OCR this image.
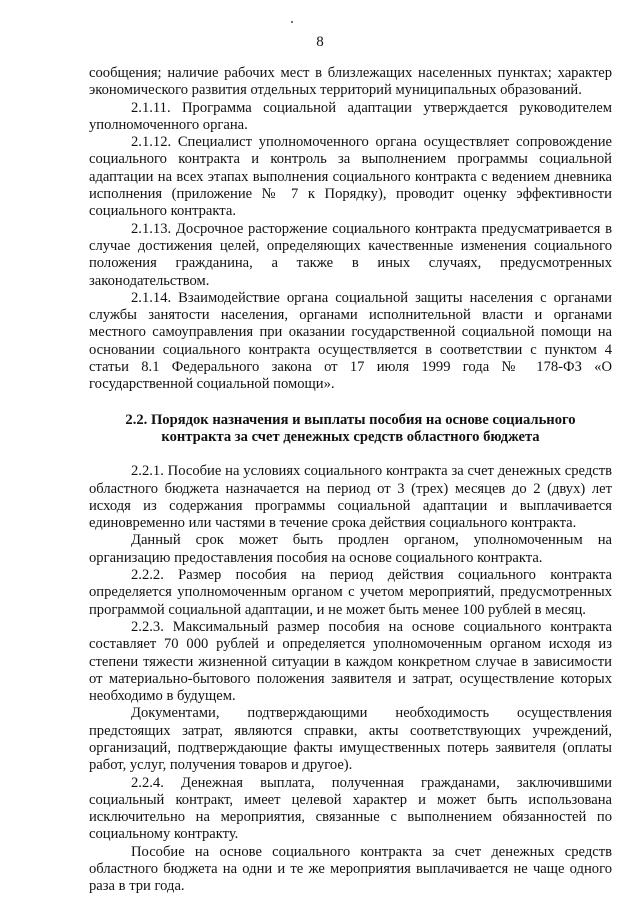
8

сообщения; наличие рабочих мест в близлежащих населенных пунктах; характер экономического развития отдельных территорий муниципальных образований.

2.1.11. Программа социальной адаптации утверждается руководителем уполномоченного органа.

2.1.12. Специалист уполномоченного органа осуществляет сопровождение социального контракта и контроль за выполнением программы социальной адаптации на всех этапах выполнения социального контракта с ведением дневника исполнения (приложение № 7 к Порядку), проводит оценку эффективности социального контракта.

2.1.13. Досрочное расторжение социального контракта предусматривается в случае достижения целей, определяющих качественные изменения социального положения гражданина, а также в иных случаях, предусмотренных законодательством.

2.1.14. Взаимодействие органа социальной защиты населения с органами службы занятости населения, органами исполнительной власти и органами местного самоуправления при оказании государственной социальной помощи на основании социального контракта осуществляется в соответствии с пунктом 4 статьи 8.1 Федерального закона от 17 июля 1999 года № 178-ФЗ «О государственной социальной помощи».

2.2. Порядок назначения и выплаты пособия на основе социального контракта за счет денежных средств областного бюджета

2.2.1. Пособие на условиях социального контракта за счет денежных средств областного бюджета назначается на период от 3 (трех) месяцев до 2 (двух) лет исходя из содержания программы социальной адаптации и выплачивается единовременно или частями в течение срока действия социального контракта.

Данный срок может быть продлен органом, уполномоченным на организацию предоставления пособия на основе социального контракта.

2.2.2. Размер пособия на период действия социального контракта определяется уполномоченным органом с учетом мероприятий, предусмотренных программой социальной адаптации, и не может быть менее 100 рублей в месяц.

2.2.3. Максимальный размер пособия на основе социального контракта составляет 70 000 рублей и определяется уполномоченным органом исходя из степени тяжести жизненной ситуации в каждом конкретном случае в зависимости от материально-бытового положения заявителя и затрат, осуществление которых необходимо в будущем.

Документами, подтверждающими необходимость осуществления предстоящих затрат, являются справки, акты соответствующих учреждений, организаций, подтверждающие факты имущественных потерь заявителя (оплаты работ, услуг, получения товаров и другое).

2.2.4. Денежная выплата, полученная гражданами, заключившими социальный контракт, имеет целевой характер и может быть использована исключительно на мероприятия, связанные с выполнением обязанностей по социальному контракту.

Пособие на основе социального контракта за счет денежных средств областного бюджета на одни и те же мероприятия выплачивается не чаще одного раза в три года.
